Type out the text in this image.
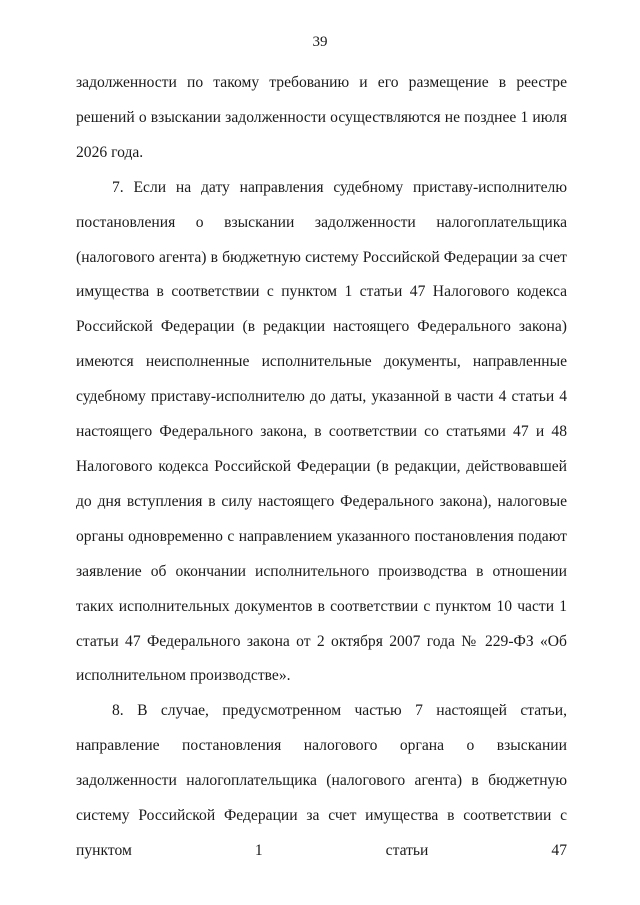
39

задолженности по такому требованию и его размещение в реестре решений о взыскании задолженности осуществляются не позднее 1 июля 2026 года.

7. Если на дату направления судебному приставу-исполнителю постановления о взыскании задолженности налогоплательщика (налогового агента) в бюджетную систему Российской Федерации за счет имущества в соответствии с пунктом 1 статьи 47 Налогового кодекса Российской Федерации (в редакции настоящего Федерального закона) имеются неисполненные исполнительные документы, направленные судебному приставу-исполнителю до даты, указанной в части 4 статьи 4 настоящего Федерального закона, в соответствии со статьями 47 и 48 Налогового кодекса Российской Федерации (в редакции, действовавшей до дня вступления в силу настоящего Федерального закона), налоговые органы одновременно с направлением указанного постановления подают заявление об окончании исполнительного производства в отношении таких исполнительных документов в соответствии с пунктом 10 части 1 статьи 47 Федерального закона от 2 октября 2007 года № 229-ФЗ «Об исполнительном производстве».

8. В случае, предусмотренном частью 7 настоящей статьи, направление постановления налогового органа о взыскании задолженности налогоплательщика (налогового агента) в бюджетную систему Российской Федерации за счет имущества в соответствии с пунктом 1 статьи 47
